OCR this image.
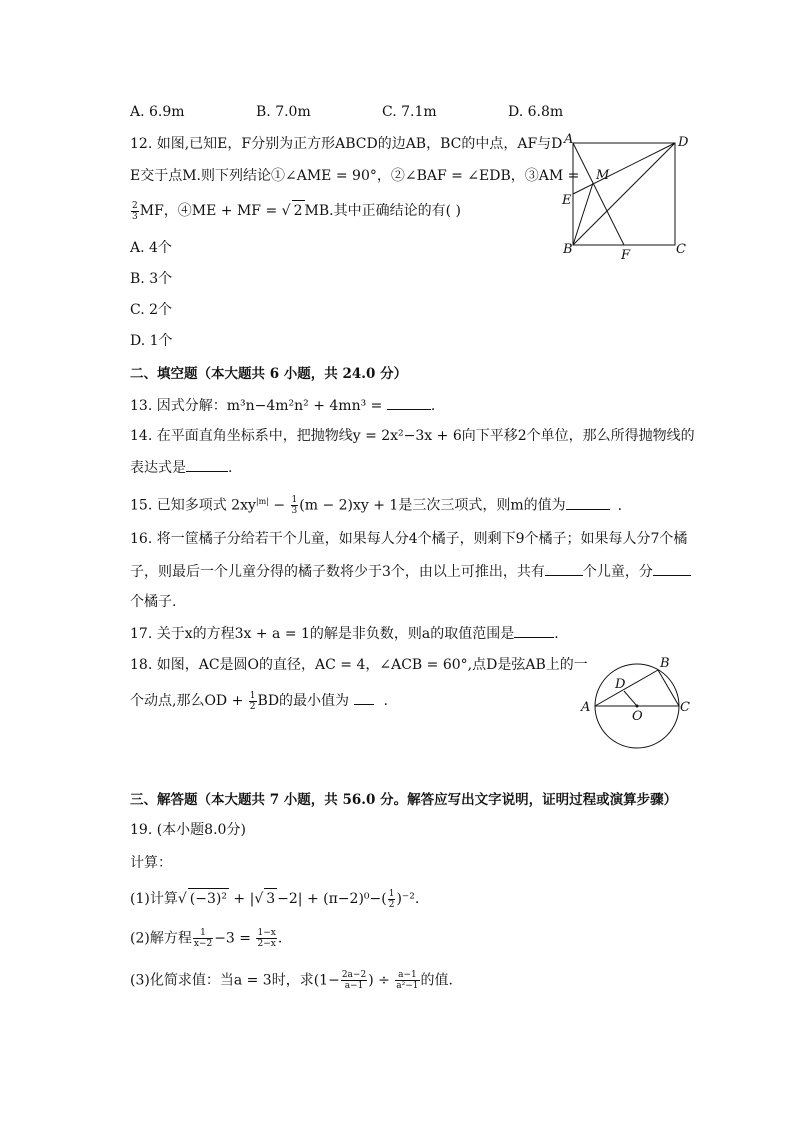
A. 6.9m	B. 7.0m	C. 7.1m	D. 6.8m
12. 如图,已知E，F分别为正方形ABCD的边AB，BC的中点，AF与D
E交于点M.则下列结论①∠AME = 90°，②∠BAF = ∠EDB，③AM =
$\frac{2}{3}$ MF，④ME + MF = √ 2 MB.其中正确结论的有( )
A. 4个
B. 3个
C. 2个
D. 1个
A	D
E
M
B	F	C
二、填空题（本大题共 6 小题，共 24.0 分）
13. 因式分解：m³n−4m²n² + 4mn³ =	.
14. 在平面直角坐标系中，把抛物线y = 2x²−3x + 6向下平移2个单位，那么所得抛物线的
表达式是	.
15. 已知多项式 $2xy^{|m|} - \frac{1}{3} (m - 2)xy + 1$是三次三项式，则m的值为	.
16. 将一筐橘子分给若干个儿童，如果每人分4个橘子，则剩下9个橘子；如果每人分7个橘
子，则最后一个儿童分得的橘子数将少于3个，由以上可推出，共有	个儿童，分
个橘子.
17. 关于x的方程3x + a = 1的解是非负数，则a的取值范围是	.
18. 如图，AC是圆O的直径，AC = 4，∠ACB = 60°,点D是弦AB上的一
个动点,那么OD + $\frac{1}{2}$ BD的最小值为 .	A
B
C
D
O
三、解答题（本大题共 7 小题，共 56.0 分。解答应写出文字说明，证明过程或演算步骤）
19. (本小题8.0分)
计算：
(1)计算√ (−3)² + |√ $3 -2| + (\pi-2)^0-( \frac{1}{2} )^{-2}$.
(2)解方程 $\frac{1}{x-2} -3 = \frac{1-x}{2-x}$ .
(3)化简求值：当a = 3时，求($1- \frac{2a-2}{a-1}$ ) ÷ $\frac{a-1}{\text{a²−1}}$ 的值.
